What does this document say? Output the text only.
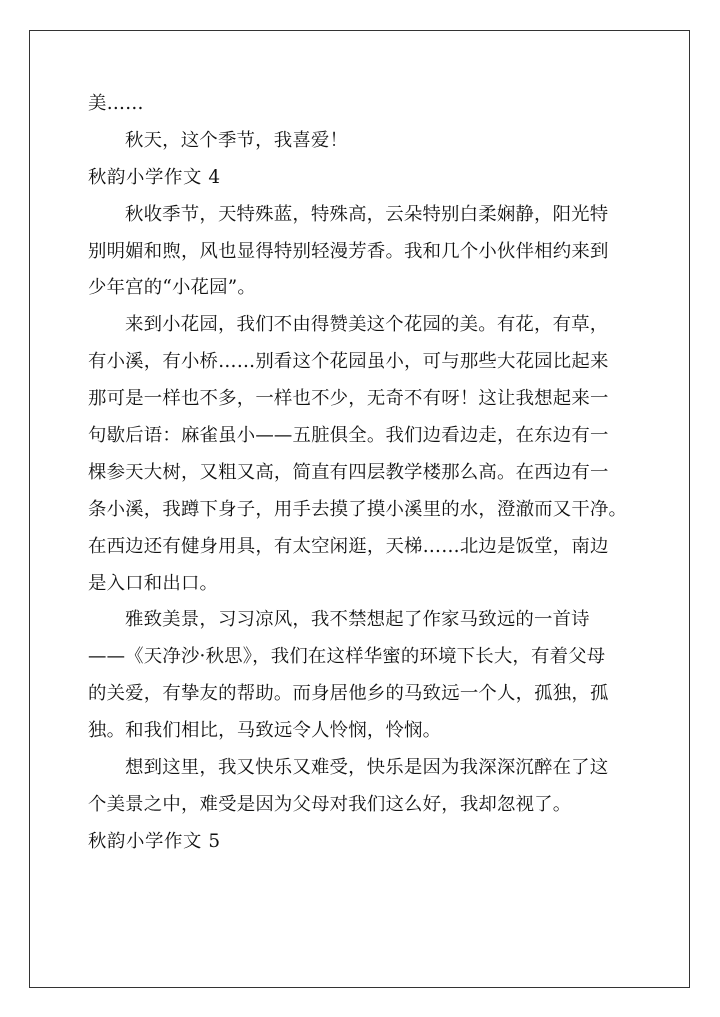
美……
秋天，这个季节，我喜爱！
秋韵小学作文 4
秋收季节，天特殊蓝，特殊高，云朵特别白柔娴静，阳光特
别明媚和煦，风也显得特别轻漫芳香。我和几个小伙伴相约来到
少年宫的“小花园”。
来到小花园，我们不由得赞美这个花园的美。有花，有草，
有小溪，有小桥……别看这个花园虽小，可与那些大花园比起来
那可是一样也不多，一样也不少，无奇不有呀！这让我想起来一
句歇后语：麻雀虽小——五脏俱全。我们边看边走，在东边有一
棵参天大树，又粗又高，简直有四层教学楼那么高。在西边有一
条小溪，我蹲下身子，用手去摸了摸小溪里的水，澄澈而又干净。
在西边还有健身用具，有太空闲逛，天梯……北边是饭堂，南边
是入口和出口。
雅致美景，习习凉风，我不禁想起了作家马致远的一首诗
——《天净沙·秋思》，我们在这样华蜜的环境下长大，有着父母
的关爱，有挚友的帮助。而身居他乡的马致远一个人，孤独，孤
独。和我们相比，马致远令人怜悯，怜悯。
想到这里，我又快乐又难受，快乐是因为我深深沉醉在了这
个美景之中，难受是因为父母对我们这么好，我却忽视了。
秋韵小学作文 5
